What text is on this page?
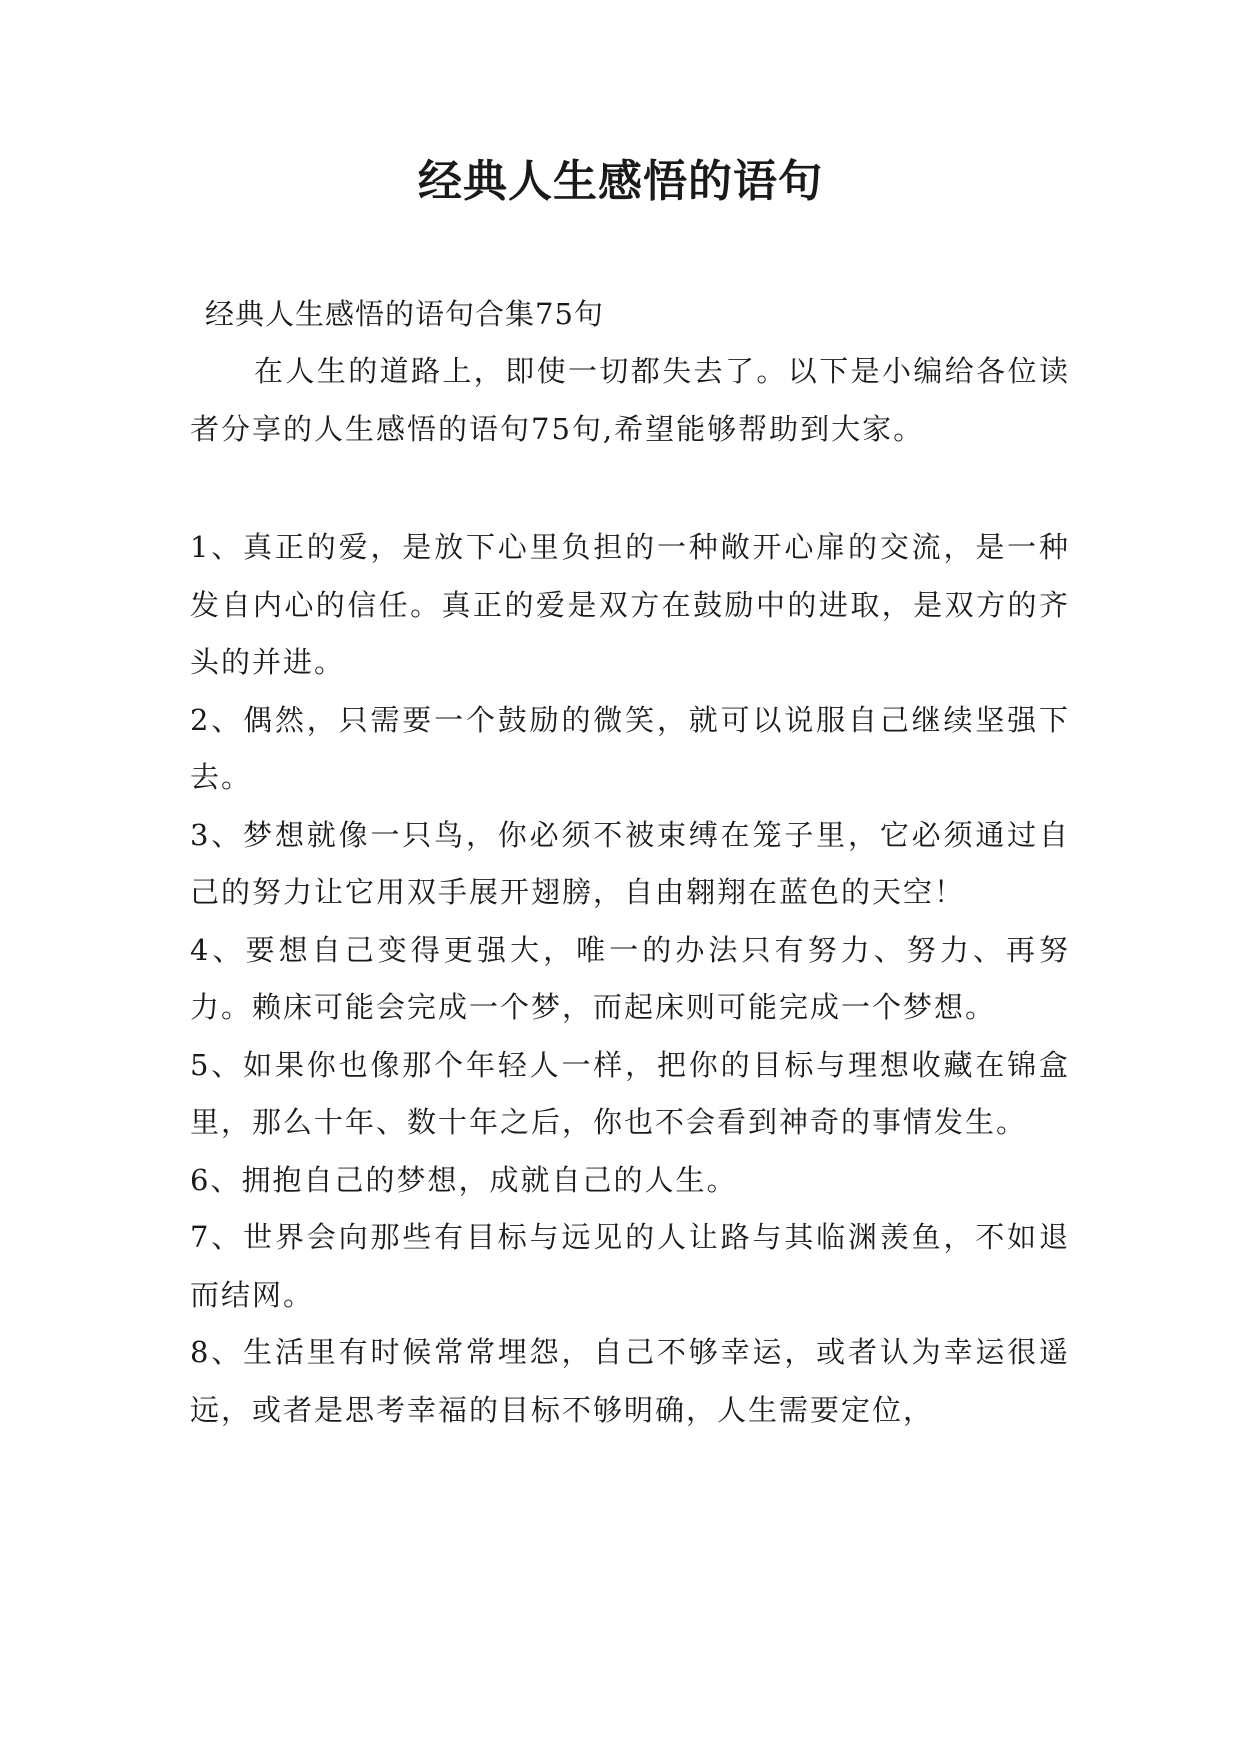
经典人生感悟的语句
经典人生感悟的语句合集75句

在人生的道路上，即使一切都失去了。以下是小编给各位读者分享的人生感悟的语句75句,希望能够帮助到大家。

1、真正的爱，是放下心里负担的一种敞开心扉的交流，是一种发自内心的信任。真正的爱是双方在鼓励中的进取，是双方的齐头的并进。

2、偶然，只需要一个鼓励的微笑，就可以说服自己继续坚强下去。

3、梦想就像一只鸟，你必须不被束缚在笼子里，它必须通过自己的努力让它用双手展开翅膀，自由翱翔在蓝色的天空！

4、要想自己变得更强大，唯一的办法只有努力、努力、再努力。赖床可能会完成一个梦，而起床则可能完成一个梦想。

5、如果你也像那个年轻人一样，把你的目标与理想收藏在锦盒里，那么十年、数十年之后，你也不会看到神奇的事情发生。

6、拥抱自己的梦想，成就自己的人生。

7、世界会向那些有目标与远见的人让路与其临渊羡鱼，不如退而结网。

8、生活里有时候常常埋怨，自己不够幸运，或者认为幸运很遥远，或者是思考幸福的目标不够明确，人生需要定位，
